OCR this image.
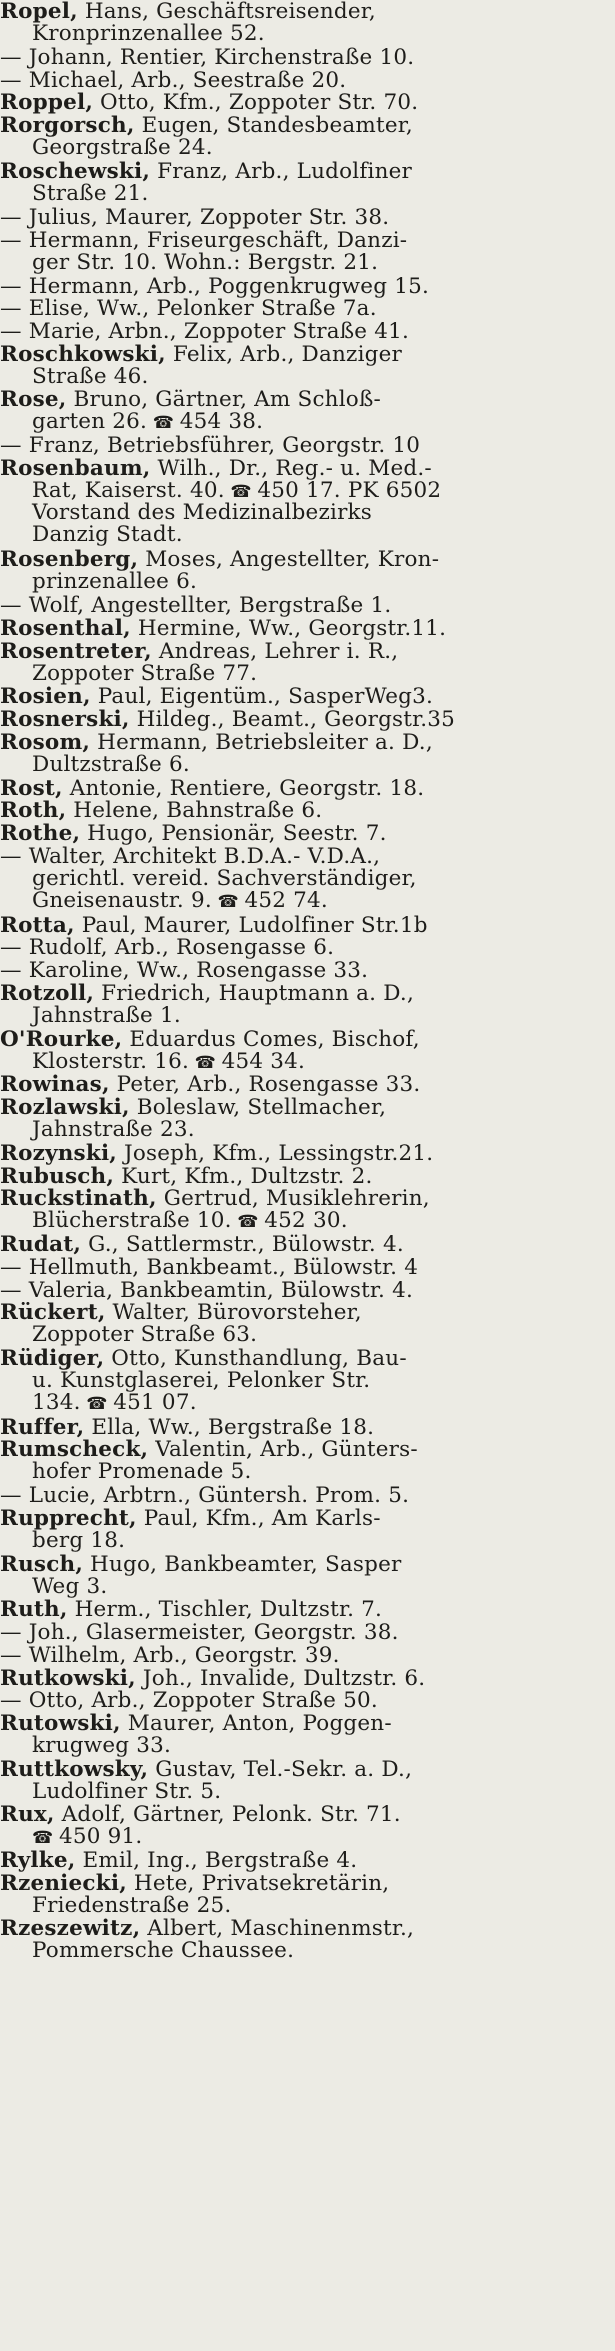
Ropel, Hans, Geschäftsreisender,
Kronprinzenallee 52.
— Johann, Rentier, Kirchenstraße 10.
— Michael, Arb., Seestraße 20.
Roppel, Otto, Kfm., Zoppoter Str. 70.
Rorgorsch, Eugen, Standesbeamter,
Georgstraße 24.
Roschewski, Franz, Arb., Ludolfiner
Straße 21.
— Julius, Maurer, Zoppoter Str. 38.
— Hermann, Friseurgeschäft, Danzi-
ger Str. 10. Wohn.: Bergstr. 21.
— Hermann, Arb., Poggenkrugweg 15.
— Elise, Ww., Pelonker Straße 7a.
— Marie, Arbn., Zoppoter Straße 41.
Roschkowski, Felix, Arb., Danziger
Straße 46.
Rose, Bruno, Gärtner, Am Schloß-
garten 26. ☎ 454 38.
— Franz, Betriebsführer, Georgstr. 10
Rosenbaum, Wilh., Dr., Reg.- u. Med.-
Rat, Kaiserst. 40. ☎ 450 17. PK 6502
Vorstand des Medizinalbezirks
Danzig Stadt.
Rosenberg, Moses, Angestellter, Kron-
prinzenallee 6.
— Wolf, Angestellter, Bergstraße 1.
Rosenthal, Hermine, Ww., Georgstr.11.
Rosentreter, Andreas, Lehrer i. R.,
Zoppoter Straße 77.
Rosien, Paul, Eigentüm., SasperWeg3.
Rosnerski, Hildeg., Beamt., Georgstr.35
Rosom, Hermann, Betriebsleiter a. D.,
Dultzstraße 6.
Rost, Antonie, Rentiere, Georgstr. 18.
Roth, Helene, Bahnstraße 6.
Rothe, Hugo, Pensionär, Seestr. 7.
— Walter, Architekt B.D.A.- V.D.A.,
gerichtl. vereid. Sachverständiger,
Gneisenaustr. 9. ☎ 452 74.
Rotta, Paul, Maurer, Ludolfiner Str.1b
— Rudolf, Arb., Rosengasse 6.
— Karoline, Ww., Rosengasse 33.
Rotzoll, Friedrich, Hauptmann a. D.,
Jahnstraße 1.
O'Rourke, Eduardus Comes, Bischof,
Klosterstr. 16. ☎ 454 34.
Rowinas, Peter, Arb., Rosengasse 33.
Rozlawski, Boleslaw, Stellmacher,
Jahnstraße 23.
Rozynski, Joseph, Kfm., Lessingstr.21.
Rubusch, Kurt, Kfm., Dultzstr. 2.
Ruckstinath, Gertrud, Musiklehrerin,
Blücherstraße 10. ☎ 452 30.
Rudat, G., Sattlermstr., Bülowstr. 4.
— Hellmuth, Bankbeamt., Bülowstr. 4
— Valeria, Bankbeamtin, Bülowstr. 4.
Rückert, Walter, Bürovorsteher,
Zoppoter Straße 63.
Rüdiger, Otto, Kunsthandlung, Bau-
u. Kunstglaserei, Pelonker Str.
134. ☎ 451 07.
Ruffer, Ella, Ww., Bergstraße 18.
Rumscheck, Valentin, Arb., Günters-
hofer Promenade 5.
— Lucie, Arbtrn., Güntersh. Prom. 5.
Rupprecht, Paul, Kfm., Am Karls-
berg 18.
Rusch, Hugo, Bankbeamter, Sasper
Weg 3.
Ruth, Herm., Tischler, Dultzstr. 7.
— Joh., Glasermeister, Georgstr. 38.
— Wilhelm, Arb., Georgstr. 39.
Rutkowski, Joh., Invalide, Dultzstr. 6.
— Otto, Arb., Zoppoter Straße 50.
Rutowski, Maurer, Anton, Poggen-
krugweg 33.
Ruttkowsky, Gustav, Tel.-Sekr. a. D.,
Ludolfiner Str. 5.
Rux, Adolf, Gärtner, Pelonk. Str. 71.
☎ 450 91.
Rylke, Emil, Ing., Bergstraße 4.
Rzeniecki, Hete, Privatsekretärin,
Friedenstraße 25.
Rzeszewitz, Albert, Maschinenmstr.,
Pommersche Chaussee.
